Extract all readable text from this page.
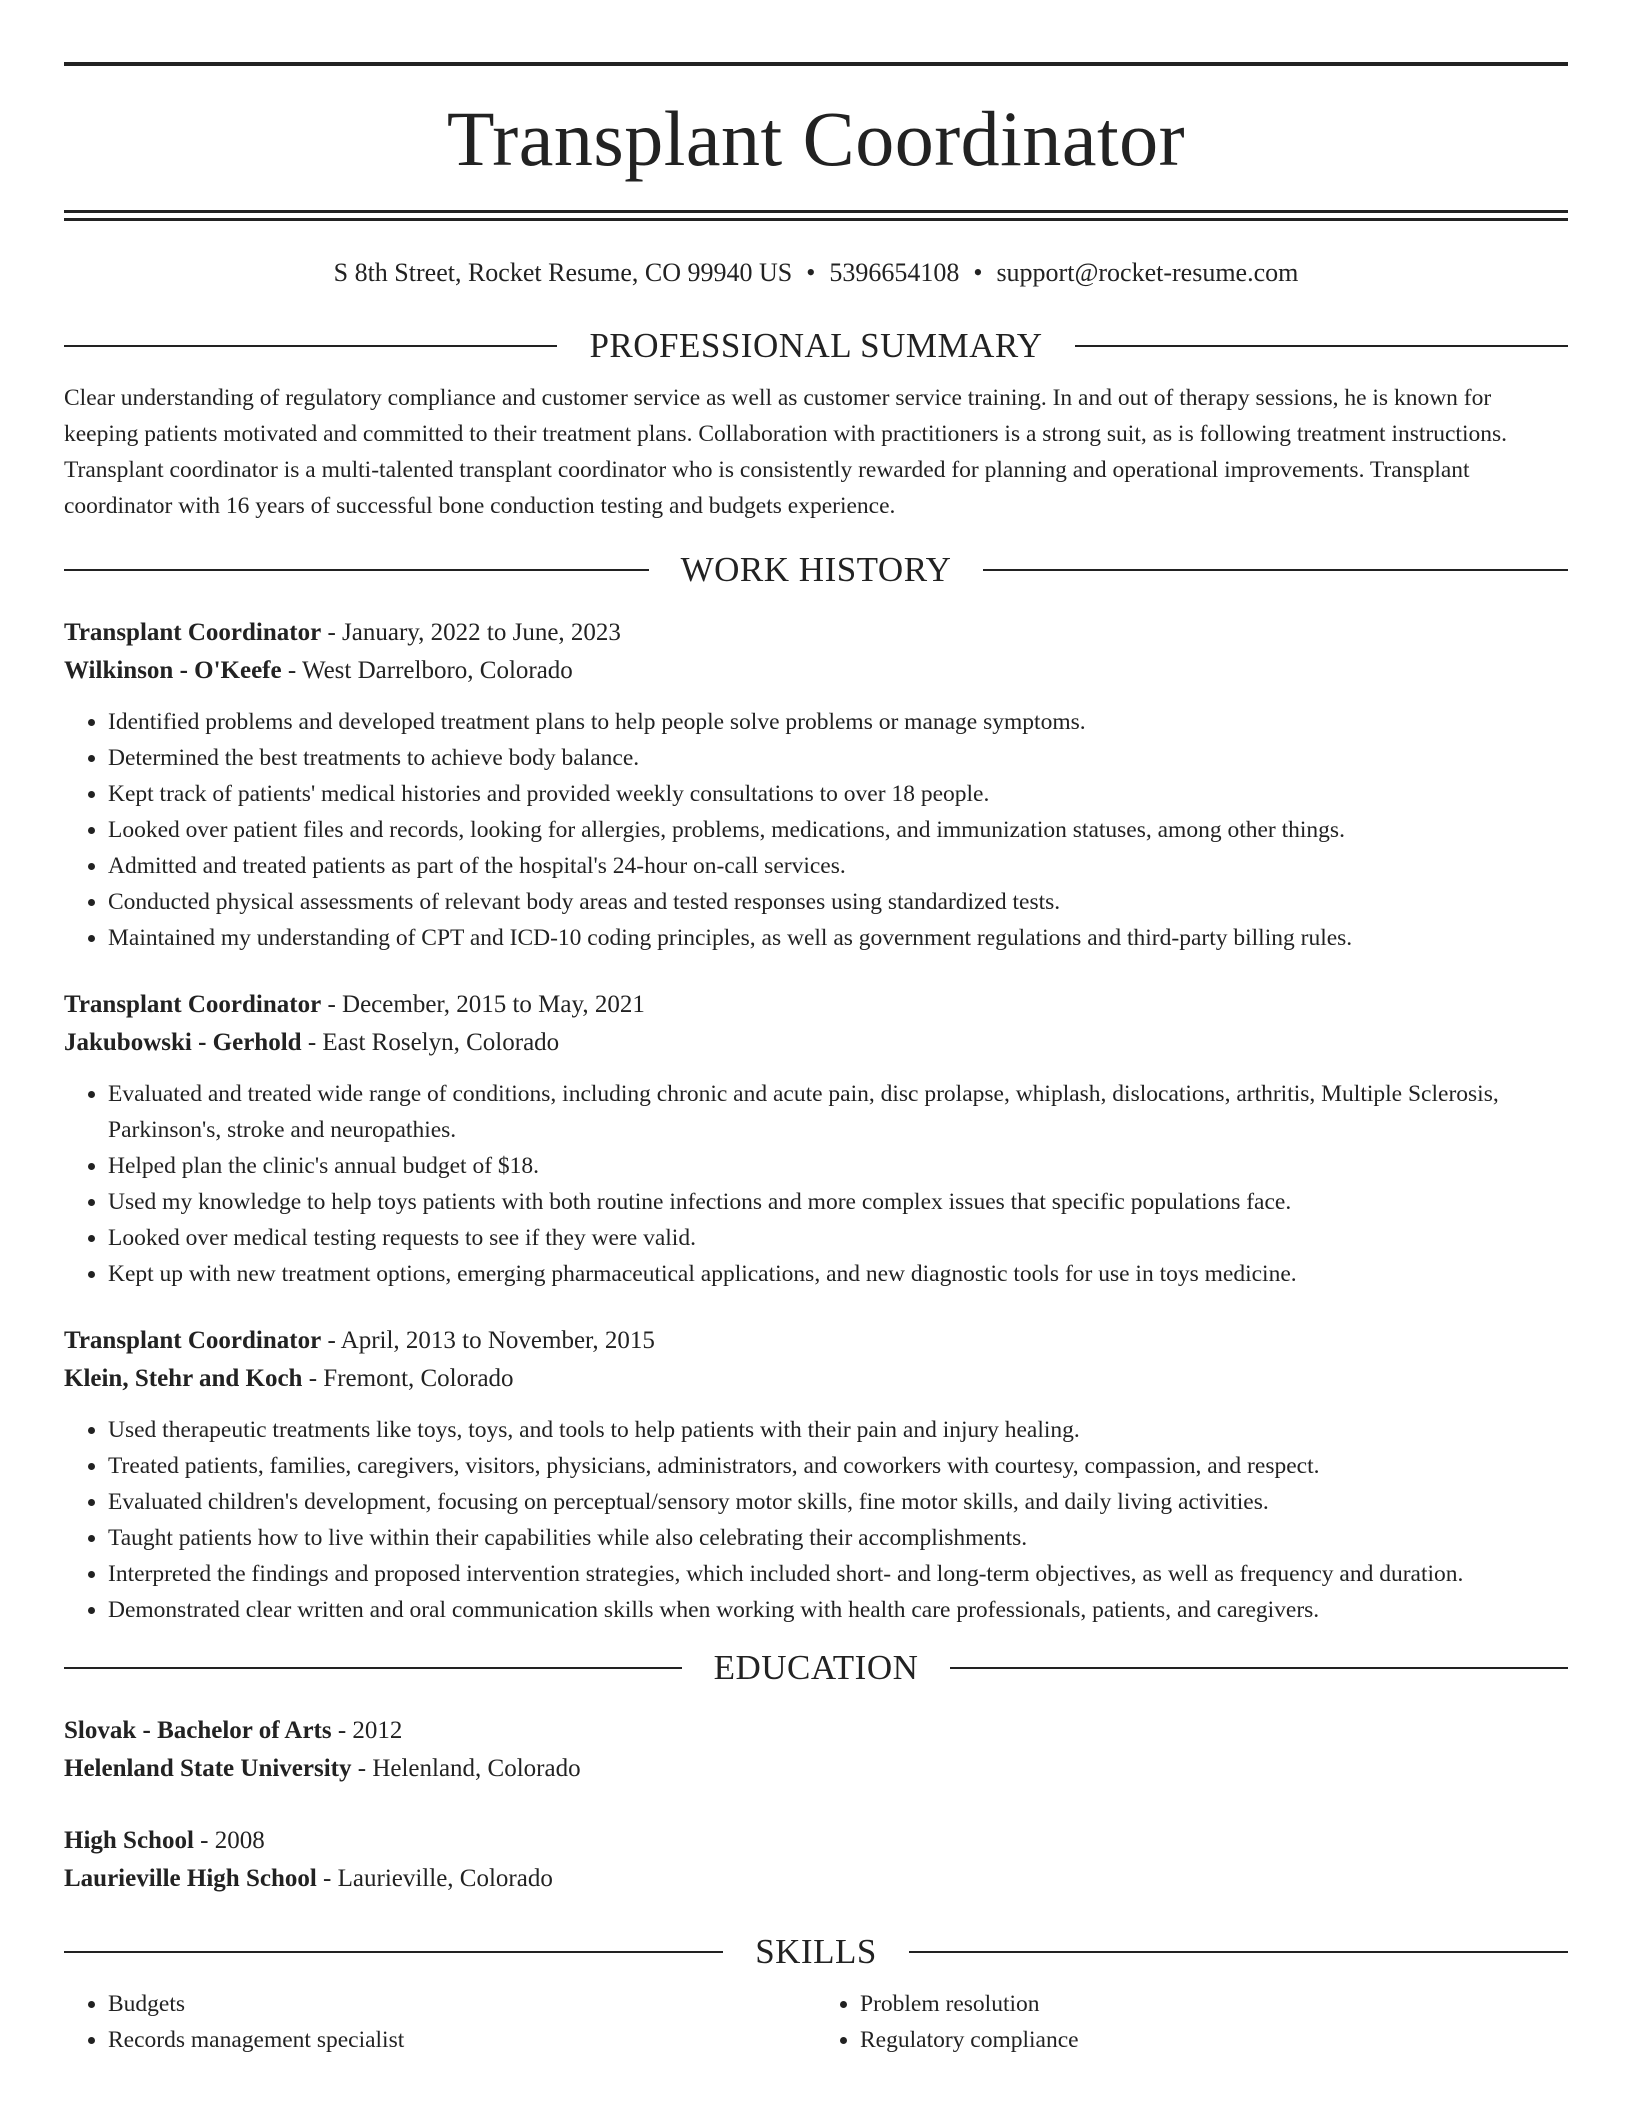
Transplant Coordinator
S 8th Street, Rocket Resume, CO 99940 US • 5396654108 • support@rocket-resume.com
PROFESSIONAL SUMMARY

Clear understanding of regulatory compliance and customer service as well as customer service training. In and out of therapy sessions, he is known for keeping patients motivated and committed to their treatment plans. Collaboration with practitioners is a strong suit, as is following treatment instructions. Transplant coordinator is a multi-talented transplant coordinator who is consistently rewarded for planning and operational improvements. Transplant coordinator with 16 years of successful bone conduction testing and budgets experience.

WORK HISTORY
Transplant Coordinator - January, 2022 to June, 2023
Wilkinson - O'Keefe - West Darrelboro, Colorado
• Identified problems and developed treatment plans to help people solve problems or manage symptoms.
• Determined the best treatments to achieve body balance.
• Kept track of patients' medical histories and provided weekly consultations to over 18 people.
• Looked over patient files and records, looking for allergies, problems, medications, and immunization statuses, among other things.
• Admitted and treated patients as part of the hospital's 24-hour on-call services.
• Conducted physical assessments of relevant body areas and tested responses using standardized tests.
• Maintained my understanding of CPT and ICD-10 coding principles, as well as government regulations and third-party billing rules.
Transplant Coordinator - December, 2015 to May, 2021
Jakubowski - Gerhold - East Roselyn, Colorado
• Evaluated and treated wide range of conditions, including chronic and acute pain, disc prolapse, whiplash, dislocations, arthritis, Multiple Sclerosis, Parkinson's, stroke and neuropathies.
• Helped plan the clinic's annual budget of $18.
• Used my knowledge to help toys patients with both routine infections and more complex issues that specific populations face.
• Looked over medical testing requests to see if they were valid.
• Kept up with new treatment options, emerging pharmaceutical applications, and new diagnostic tools for use in toys medicine.
Transplant Coordinator - April, 2013 to November, 2015
Klein, Stehr and Koch - Fremont, Colorado
• Used therapeutic treatments like toys, toys, and tools to help patients with their pain and injury healing.
• Treated patients, families, caregivers, visitors, physicians, administrators, and coworkers with courtesy, compassion, and respect.
• Evaluated children's development, focusing on perceptual/sensory motor skills, fine motor skills, and daily living activities.
• Taught patients how to live within their capabilities while also celebrating their accomplishments.
• Interpreted the findings and proposed intervention strategies, which included short- and long-term objectives, as well as frequency and duration.
• Demonstrated clear written and oral communication skills when working with health care professionals, patients, and caregivers.
EDUCATION
Slovak - Bachelor of Arts - 2012
Helenland State University - Helenland, Colorado
High School - 2008
Laurieville High School - Laurieville, Colorado
SKILLS
• Budgets
• Records management specialist
• Problem resolution
• Regulatory compliance
